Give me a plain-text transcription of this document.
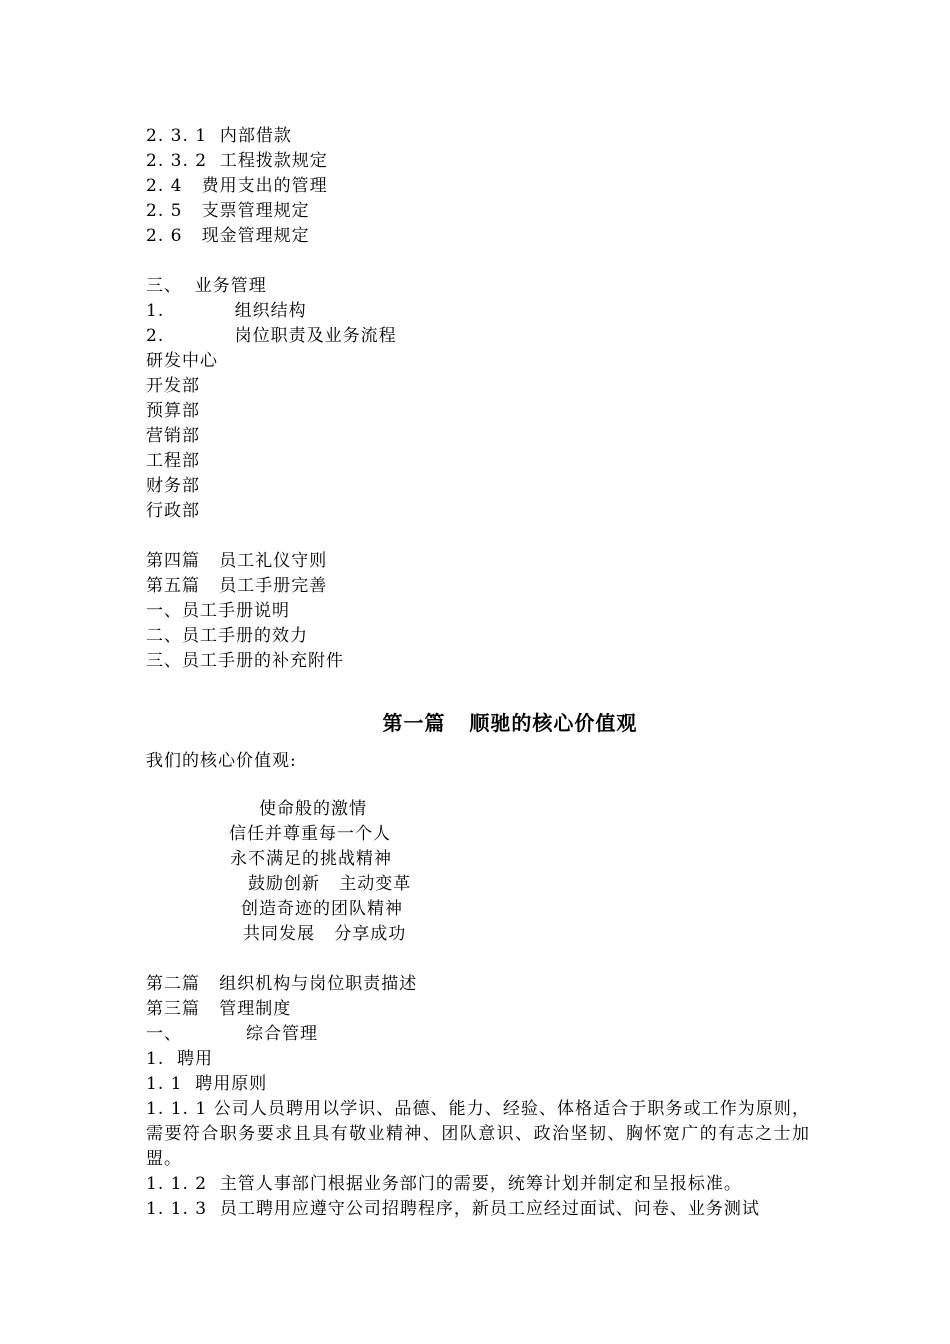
2. 3. 1  内部借款
2. 3. 2  工程拨款规定
2. 4   费用支出的管理
2. 5   支票管理规定
2. 6   现金管理规定
三、  业务管理
1.           组织结构
2.           岗位职责及业务流程
研发中心
开发部
预算部
营销部
工程部
财务部
行政部
第四篇   员工礼仪守则
第五篇   员工手册完善
一、员工手册说明
二、员工手册的效力
三、员工手册的补充附件
第一篇   顺驰的核心价值观
我们的核心价值观:
使命般的激情
信任并尊重每一个人
永不满足的挑战精神
鼓励创新   主动变革
创造奇迹的团队精神
共同发展   分享成功
第二篇   组织机构与岗位职责描述
第三篇   管理制度
一、          综合管理
1.  聘用
1. 1  聘用原则
1. 1. 1 公司人员聘用以学识、品德、能力、经验、体格适合于职务或工作为原则，需要符合职务要求且具有敬业精神、团队意识、政治坚韧、胸怀宽广的有志之士加盟。
1. 1. 2  主管人事部门根据业务部门的需要，统筹计划并制定和呈报标准。
1. 1. 3  员工聘用应遵守公司招聘程序，新员工应经过面试、问卷、业务测试
